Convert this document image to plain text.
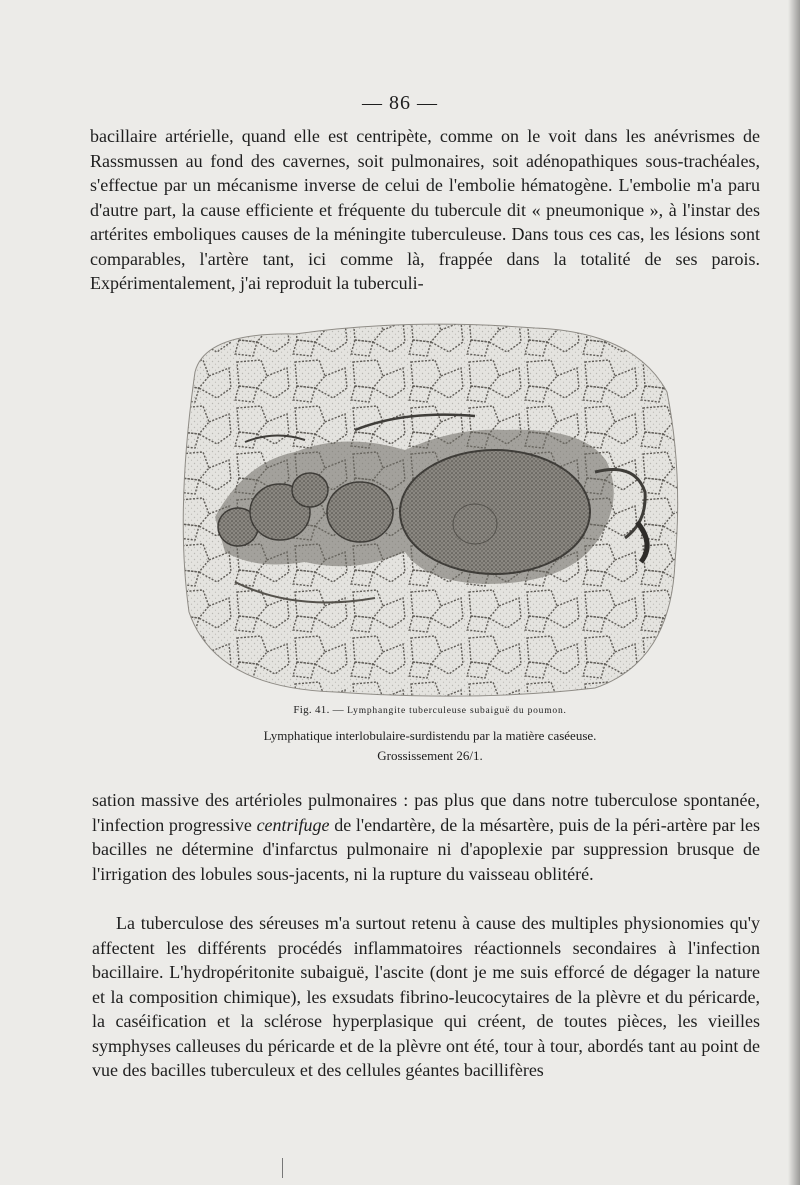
— 86 —

bacillaire artérielle, quand elle est centripète, comme on le voit dans les anévrismes de Rassmussen au fond des cavernes, soit pulmonaires, soit adénopathiques sous-trachéales, s'effectue par un mécanisme inverse de celui de l'embolie hématogène. L'embolie m'a paru d'autre part, la cause efficiente et fréquente du tubercule dit « pneumonique », à l'instar des artérites emboliques causes de la méningite tuberculeuse. Dans tous ces cas, les lésions sont comparables, l'artère tant, ici comme là, frappée dans la totalité de ses parois. Expérimentalement, j'ai reproduit la tuberculi-

Fig. 41. — Lymphangite tuberculeuse subaiguë du poumon.

Lymphatique interlobulaire-surdistendu par la matière caséeuse.

Grossissement 26/1.

sation massive des artérioles pulmonaires : pas plus que dans notre tuberculose spontanée, l'infection progressive centrifuge de l'endartère, de la mésartère, puis de la péri-artère par les bacilles ne détermine d'infarctus pulmonaire ni d'apoplexie par suppression brusque de l'irrigation des lobules sous-jacents, ni la rupture du vaisseau oblitéré.

La tuberculose des séreuses m'a surtout retenu à cause des multiples physionomies qu'y affectent les différents procédés inflammatoires réactionnels secondaires à l'infection bacillaire. L'hydropéritonite subaiguë, l'ascite (dont je me suis efforcé de dégager la nature et la composition chimique), les exsudats fibrino-leucocytaires de la plèvre et du péricarde, la caséification et la sclérose hyperplasique qui créent, de toutes pièces, les vieilles symphyses calleuses du péricarde et de la plèvre ont été, tour à tour, abordés tant au point de vue des bacilles tuberculeux et des cellules géantes bacillifères
